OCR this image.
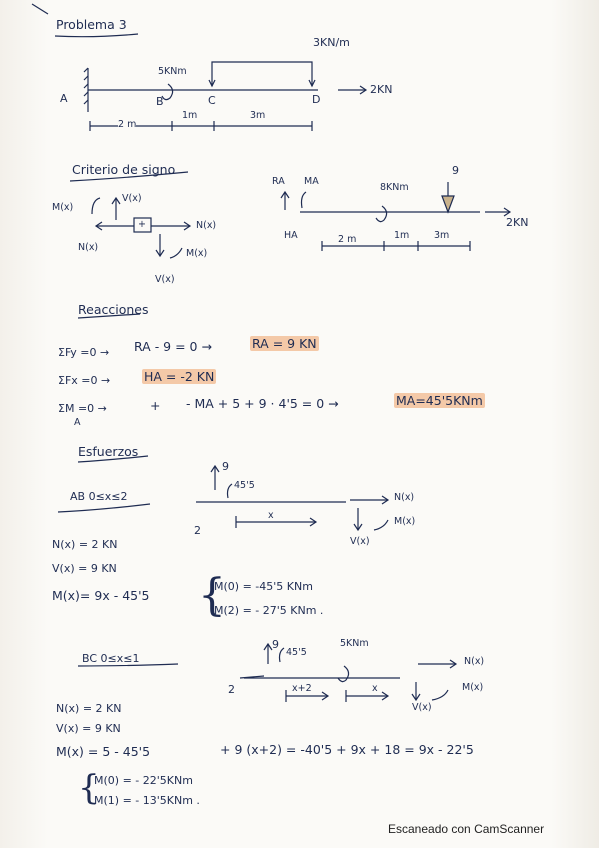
Problema 3
3KN/m
5KNm
A	B	C	D
2KN
2 m
1m	3m
Criterio de signo
M(x)
V(x)
N(x)
+	N(x)
M(x)
V(x)
RA MA
HA
8KNm
9
2KN
2 m	1m	3m
Reacciones
ΣFy =0 → RA - 9 = 0 →	RA = 9 KN
ΣFx =0 →	HA = -2 KN
ΣM =0 →
A
+ - MA + 5 + 9 · 4'5 = 0 →	MA=45'5KNm
Esfuerzos
AB 0≤x≤2
9
45'5
2
x
N(x)
M(x)
V(x)
N(x) = 2 KN
V(x) = 9 KN
M(x)= 9x - 45'5 {
M(0) = -45'5 KNm
M(2) = - 27'5 KNm .
BC 0≤x≤1
9
45'5
5KNm
2	x+2	x
N(x)
M(x)
V(x)
N(x) = 2 KN
V(x) = 9 KN
M(x) = 5 - 45'5	+ 9 (x+2) = -40'5 + 9x + 18 = 9x - 22'5
{
M(0) = - 22'5KNm
M(1) = - 13'5KNm .
Escaneado con CamScanner
